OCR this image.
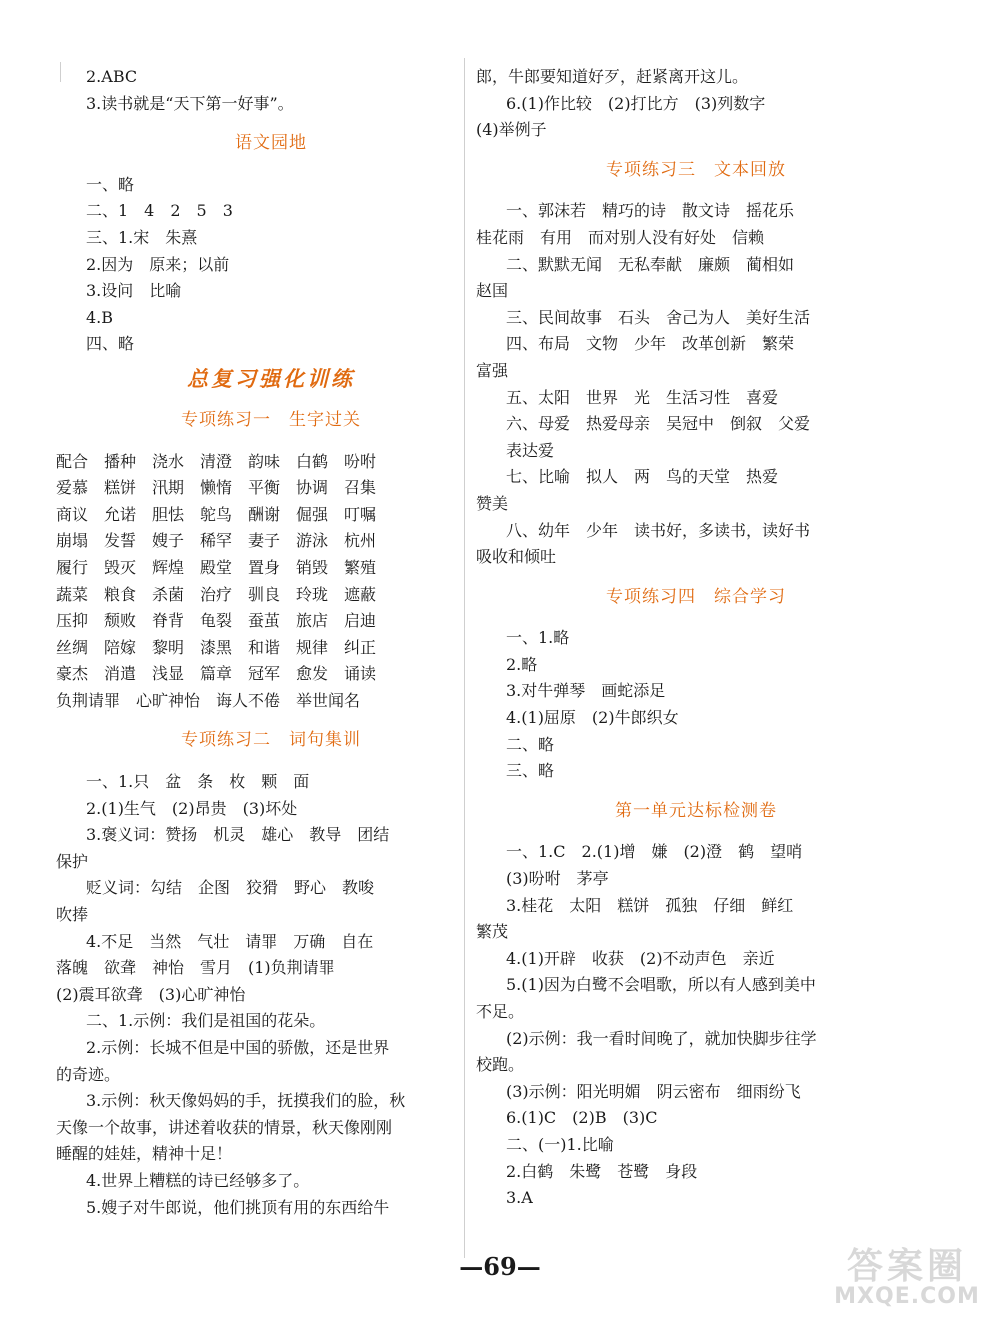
2.ABC
3.读书就是“天下第一好事”。
语文园地
一、略
二、1　4　2　5　3
三、1.宋　朱熹
2.因为　原来；以前
3.设问　比喻
4.B
四、略
总复习强化训练
专项练习一　生字过关
配合　播种　浇水　清澄　韵味　白鹤　吩咐
爱慕　糕饼　汛期　懒惰　平衡　协调　召集
商议　允诺　胆怯　鸵鸟　酬谢　倔强　叮嘱
崩塌　发誓　嫂子　稀罕　妻子　游泳　杭州
履行　毁灭　辉煌　殿堂　置身　销毁　繁殖
蔬菜　粮食　杀菌　治疗　驯良　玲珑　遮蔽
压抑　颓败　脊背　龟裂　蚕茧　旅店　启迪
丝绸　陪嫁　黎明　漆黑　和谐　规律　纠正
豪杰　消遣　浅显　篇章　冠军　愈发　诵读
负荆请罪　心旷神怡　诲人不倦　举世闻名
专项练习二　词句集训
一、1.只　盆　条　枚　颗　面
2.(1)生气　(2)昂贵　(3)坏处
3.褒义词：赞扬　机灵　雄心　教导　团结
保护
贬义词：勾结　企图　狡猾　野心　教唆
吹捧
4.不足　当然　气壮　请罪　万确　自在
落魄　欲聋　神怡　雪月　(1)负荆请罪
(2)震耳欲聋　(3)心旷神怡
二、1.示例：我们是祖国的花朵。
2.示例：长城不但是中国的骄傲，还是世界
的奇迹。
3.示例：秋天像妈妈的手，抚摸我们的脸，秋
天像一个故事，讲述着收获的情景，秋天像刚刚
睡醒的娃娃，精神十足！
4.世界上糟糕的诗已经够多了。
5.嫂子对牛郎说，他们挑顶有用的东西给牛
郎，牛郎要知道好歹，赶紧离开这儿。
6.(1)作比较　(2)打比方　(3)列数字
(4)举例子
专项练习三　文本回放
一、郭沫若　精巧的诗　散文诗　摇花乐
桂花雨　有用　而对别人没有好处　信赖
二、默默无闻　无私奉献　廉颇　蔺相如
赵国
三、民间故事　石头　舍己为人　美好生活
四、布局　文物　少年　改革创新　繁荣
富强
五、太阳　世界　光　生活习性　喜爱
六、母爱　热爱母亲　吴冠中　倒叙　父爱
表达爱
七、比喻　拟人　两　鸟的天堂　热爱
赞美
八、幼年　少年　读书好，多读书，读好书
吸收和倾吐
专项练习四　综合学习
一、1.略
2.略
3.对牛弹琴　画蛇添足
4.(1)屈原　(2)牛郎织女
二、略
三、略
第一单元达标检测卷
一、1.C　2.(1)增　嫌　(2)澄　鹤　望哨
(3)吩咐　茅亭
3.桂花　太阳　糕饼　孤独　仔细　鲜红
繁茂
4.(1)开辟　收获　(2)不动声色　亲近
5.(1)因为白鹭不会唱歌，所以有人感到美中
不足。
(2)示例：我一看时间晚了，就加快脚步往学
校跑。
(3)示例：阳光明媚　阴云密布　细雨纷飞
6.(1)C　(2)B　(3)C
二、(一)1.比喻
2.白鹤　朱鹭　苍鹭　身段
3.A
—69—	答案圈
MXQE.COM
